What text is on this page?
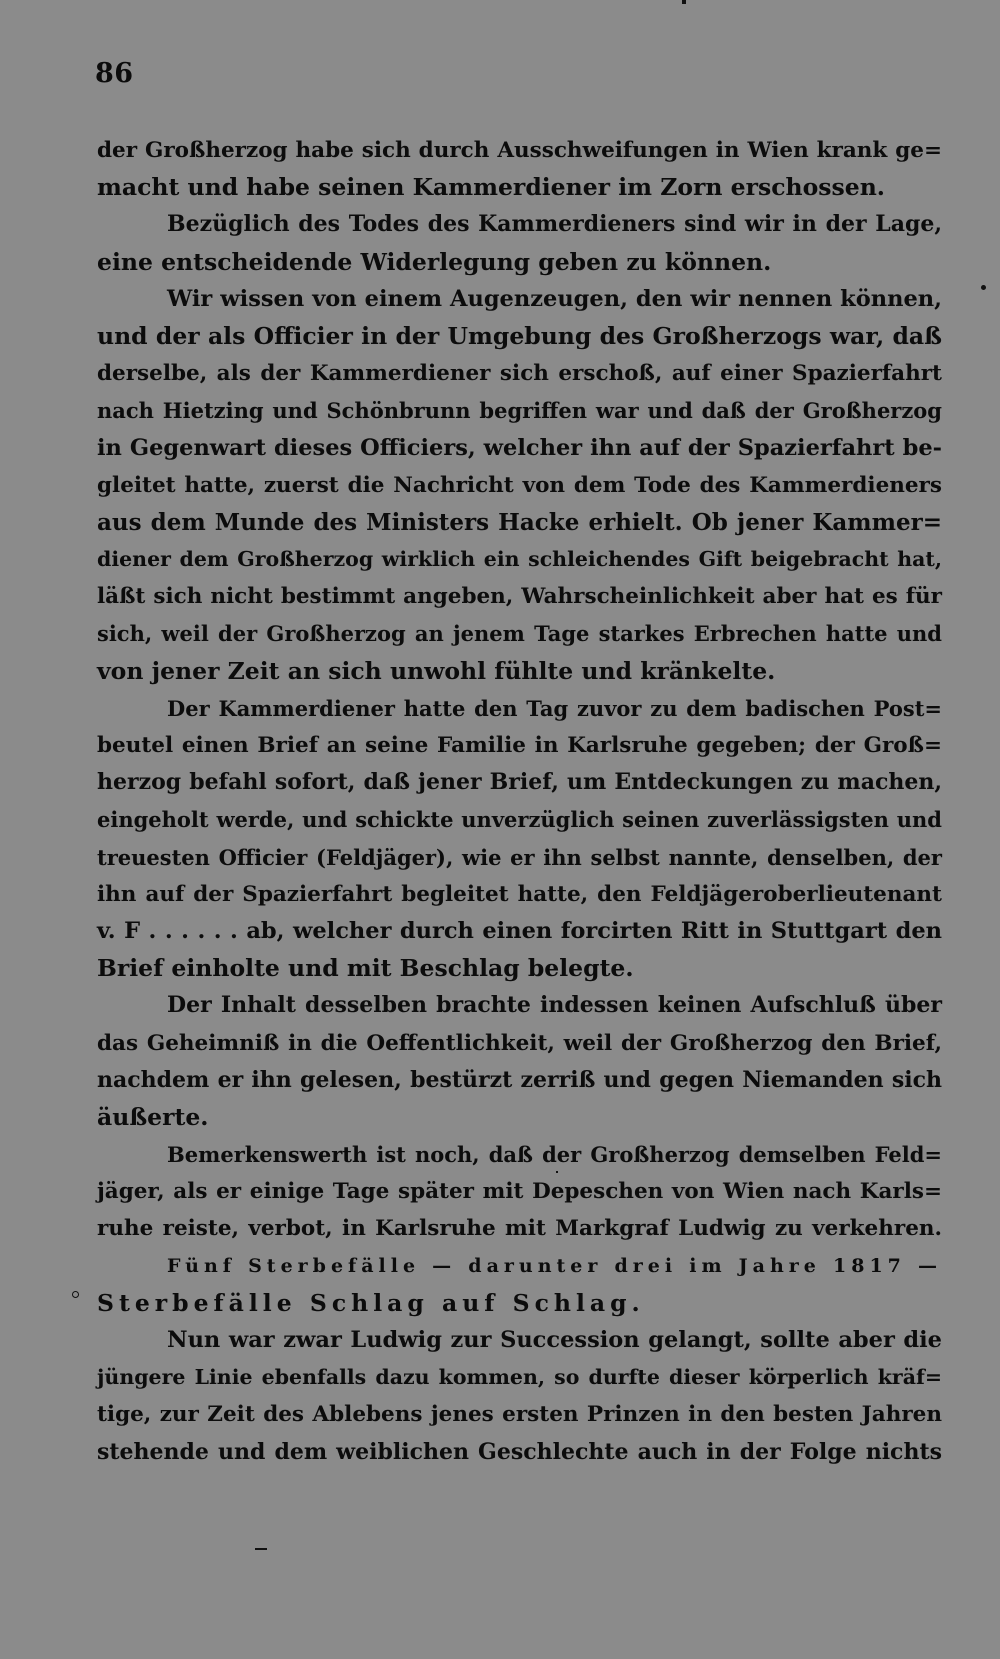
86
der Großherzog habe sich durch Ausschweifungen in Wien krank ge=
macht und habe seinen Kammerdiener im Zorn erschossen.
Bezüglich des Todes des Kammerdieners sind wir in der Lage,
eine entscheidende Widerlegung geben zu können.
Wir wissen von einem Augenzeugen, den wir nennen können,
und der als Officier in der Umgebung des Großherzogs war, daß
derselbe, als der Kammerdiener sich erschoß, auf einer Spazierfahrt
nach Hietzing und Schönbrunn begriffen war und daß der Großherzog
in Gegenwart dieses Officiers, welcher ihn auf der Spazierfahrt be-
gleitet hatte, zuerst die Nachricht von dem Tode des Kammerdieners
aus dem Munde des Ministers Hacke erhielt. Ob jener Kammer=
diener dem Großherzog wirklich ein schleichendes Gift beigebracht hat,
läßt sich nicht bestimmt angeben, Wahrscheinlichkeit aber hat es für
sich, weil der Großherzog an jenem Tage starkes Erbrechen hatte und
von jener Zeit an sich unwohl fühlte und kränkelte.
Der Kammerdiener hatte den Tag zuvor zu dem badischen Post=
beutel einen Brief an seine Familie in Karlsruhe gegeben; der Groß=
herzog befahl sofort, daß jener Brief, um Entdeckungen zu machen,
eingeholt werde, und schickte unverzüglich seinen zuverlässigsten und
treuesten Officier (Feldjäger), wie er ihn selbst nannte, denselben, der
ihn auf der Spazierfahrt begleitet hatte, den Feldjägeroberlieutenant
v. F . . . . . . ab, welcher durch einen forcirten Ritt in Stuttgart den
Brief einholte und mit Beschlag belegte.
Der Inhalt desselben brachte indessen keinen Aufschluß über
das Geheimniß in die Oeffentlichkeit, weil der Großherzog den Brief,
nachdem er ihn gelesen, bestürzt zerriß und gegen Niemanden sich
äußerte.
Bemerkenswerth ist noch, daß der Großherzog demselben Feld=
jäger, als er einige Tage später mit Depeschen von Wien nach Karls=
ruhe reiste, verbot, in Karlsruhe mit Markgraf Ludwig zu verkehren.
Fünf Sterbefälle — darunter drei im Jahre 1817 —
Sterbefälle Schlag auf Schlag.
Nun war zwar Ludwig zur Succession gelangt, sollte aber die
jüngere Linie ebenfalls dazu kommen, so durfte dieser körperlich kräf=
tige, zur Zeit des Ablebens jenes ersten Prinzen in den besten Jahren
stehende und dem weiblichen Geschlechte auch in der Folge nichts
